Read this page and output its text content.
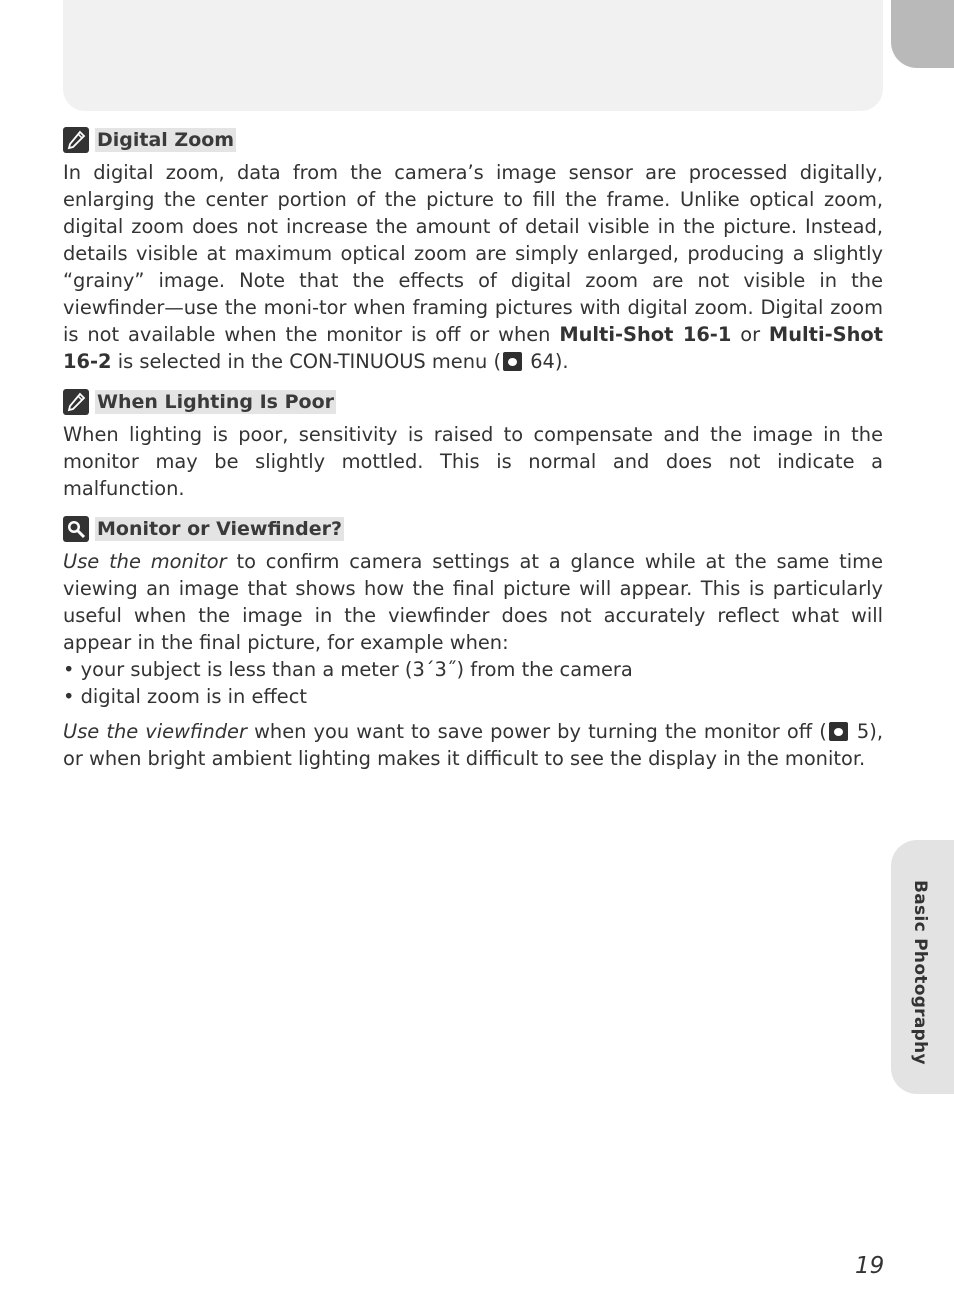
Basic Photography
Digital Zoom

In digital zoom, data from the camera’s image sensor are processed digitally, enlarging the center portion of the picture to fill the frame. Unlike optical zoom, digital zoom does not increase the amount of detail visible in the picture. Instead, details visible at maximum optical zoom are simply enlarged, producing a slightly “grainy” image. Note that the effects of digital zoom are not visible in the viewfinder—use the moni-tor when framing pictures with digital zoom. Digital zoom is not available when the monitor is off or when Multi-Shot 16-1 or Multi-Shot 16-2 is selected in the CON-TINUOUS menu ( 64).

When Lighting Is Poor

When lighting is poor, sensitivity is raised to compensate and the image in the monitor may be slightly mottled. This is normal and does not indicate a malfunction.

Monitor or Viewfinder?

Use the monitor to confirm camera settings at a glance while at the same time viewing an image that shows how the final picture will appear. This is particularly useful when the image in the viewfinder does not accurately reflect what will appear in the final picture, for example when:

• your subject is less than a meter (3´3˝) from the camera
• digital zoom is in effect

Use the viewfinder when you want to save power by turning the monitor off ( 5), or when bright ambient lighting makes it difficult to see the display in the monitor.

19
